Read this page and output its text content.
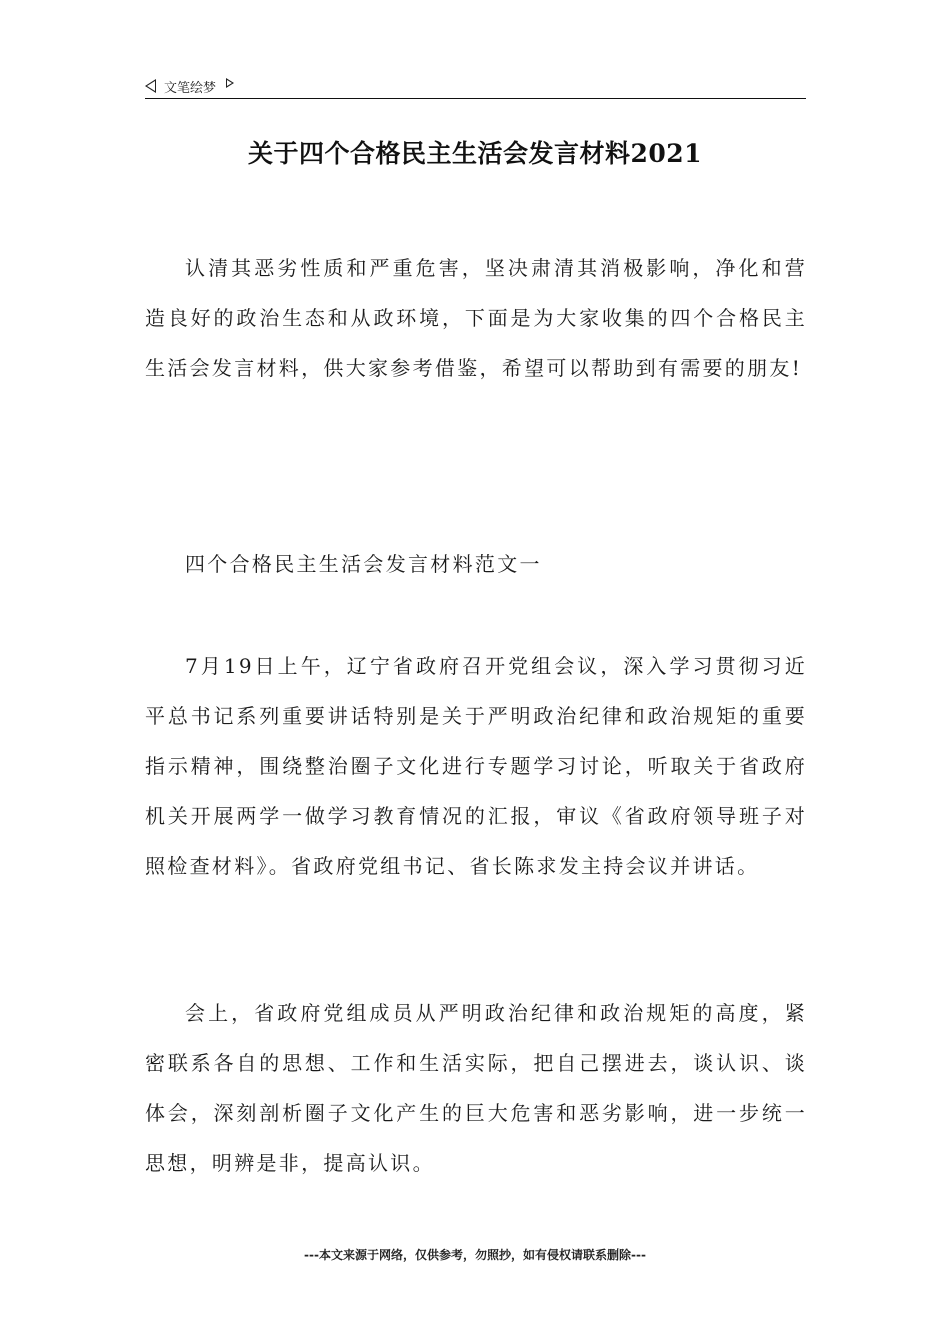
文笔绘梦
关于四个合格民主生活会发言材料2021

认清其恶劣性质和严重危害，坚决肃清其消极影响，净化和营造良好的政治生态和从政环境，下面是为大家收集的四个合格民主生活会发言材料，供大家参考借鉴，希望可以帮助到有需要的朋友!

四个合格民主生活会发言材料范文一

7月19日上午，辽宁省政府召开党组会议，深入学习贯彻习近平总书记系列重要讲话特别是关于严明政治纪律和政治规矩的重要指示精神，围绕整治圈子文化进行专题学习讨论，听取关于省政府机关开展两学一做学习教育情况的汇报，审议《省政府领导班子对照检查材料》。省政府党组书记、省长陈求发主持会议并讲话。

会上，省政府党组成员从严明政治纪律和政治规矩的高度，紧密联系各自的思想、工作和生活实际，把自己摆进去，谈认识、谈体会，深刻剖析圈子文化产生的巨大危害和恶劣影响，进一步统一思想，明辨是非，提高认识。

---本文来源于网络，仅供参考，勿照抄，如有侵权请联系删除---
